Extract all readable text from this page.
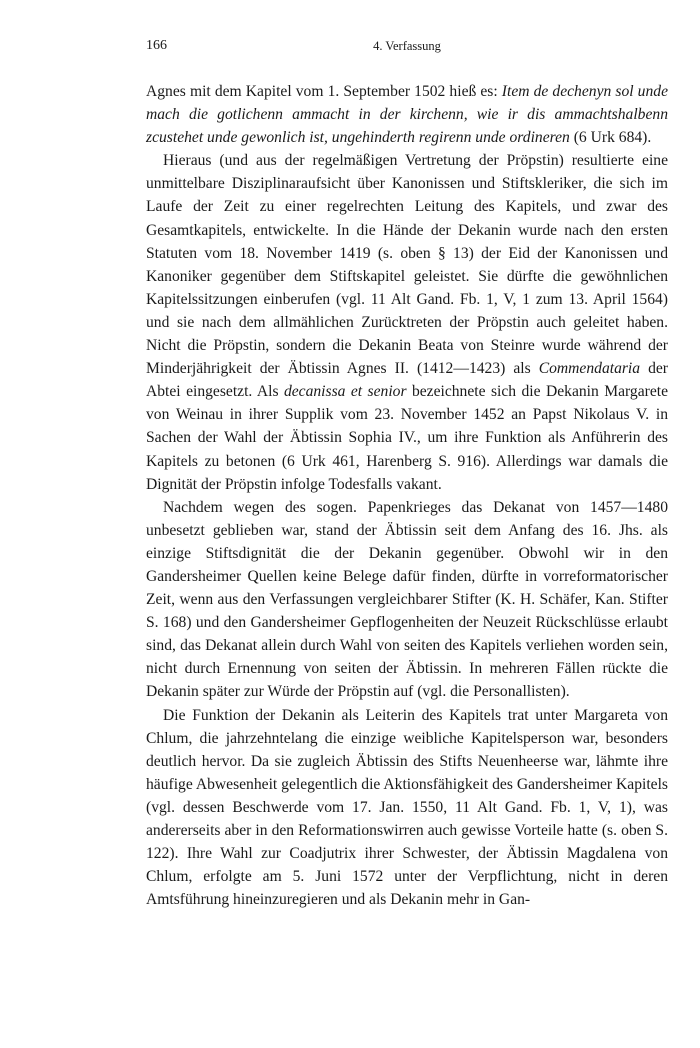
166	4. Verfassung

Agnes mit dem Kapitel vom 1. September 1502 hieß es: Item de dechenyn sol unde mach die gotlichenn ammacht in der kirchenn, wie ir dis ammachtshalbenn zcustehet unde gewonlich ist, ungehinderth regirenn unde ordineren (6 Urk 684).

Hieraus (und aus der regelmäßigen Vertretung der Pröpstin) resultierte eine unmittelbare Disziplinaraufsicht über Kanonissen und Stiftskleriker, die sich im Laufe der Zeit zu einer regelrechten Leitung des Kapitels, und zwar des Gesamtkapitels, entwickelte. In die Hände der Dekanin wurde nach den ersten Statuten vom 18. November 1419 (s. oben § 13) der Eid der Kanonissen und Kanoniker gegenüber dem Stiftskapitel geleistet. Sie dürfte die gewöhnlichen Kapitelssitzungen einberufen (vgl. 11 Alt Gand. Fb. 1, V, 1 zum 13. April 1564) und sie nach dem allmählichen Zurücktreten der Pröpstin auch geleitet haben. Nicht die Pröpstin, sondern die Dekanin Beata von Steinre wurde während der Minderjährigkeit der Äbtissin Agnes II. (1412—1423) als Commendataria der Abtei eingesetzt. Als decanissa et senior bezeichnete sich die Dekanin Margarete von Weinau in ihrer Supplik vom 23. November 1452 an Papst Nikolaus V. in Sachen der Wahl der Äbtissin Sophia IV., um ihre Funktion als Anführerin des Kapitels zu betonen (6 Urk 461, Harenberg S. 916). Allerdings war damals die Dignität der Pröpstin infolge Todesfalls vakant.

Nachdem wegen des sogen. Papenkrieges das Dekanat von 1457—1480 unbesetzt geblieben war, stand der Äbtissin seit dem Anfang des 16. Jhs. als einzige Stiftsdignität die der Dekanin gegenüber. Obwohl wir in den Gandersheimer Quellen keine Belege dafür finden, dürfte in vorreformatorischer Zeit, wenn aus den Verfassungen vergleichbarer Stifter (K. H. Schäfer, Kan. Stifter S. 168) und den Gandersheimer Gepflogenheiten der Neuzeit Rückschlüsse erlaubt sind, das Dekanat allein durch Wahl von seiten des Kapitels verliehen worden sein, nicht durch Ernennung von seiten der Äbtissin. In mehreren Fällen rückte die Dekanin später zur Würde der Pröpstin auf (vgl. die Personallisten).

Die Funktion der Dekanin als Leiterin des Kapitels trat unter Margareta von Chlum, die jahrzehntelang die einzige weibliche Kapitelsperson war, besonders deutlich hervor. Da sie zugleich Äbtissin des Stifts Neuenheerse war, lähmte ihre häufige Abwesenheit gelegentlich die Aktionsfähigkeit des Gandersheimer Kapitels (vgl. dessen Beschwerde vom 17. Jan. 1550, 11 Alt Gand. Fb. 1, V, 1), was andererseits aber in den Reformationswirren auch gewisse Vorteile hatte (s. oben S. 122). Ihre Wahl zur Coadjutrix ihrer Schwester, der Äbtissin Magdalena von Chlum, erfolgte am 5. Juni 1572 unter der Verpflichtung, nicht in deren Amtsführung hineinzuregieren und als Dekanin mehr in Gan-
